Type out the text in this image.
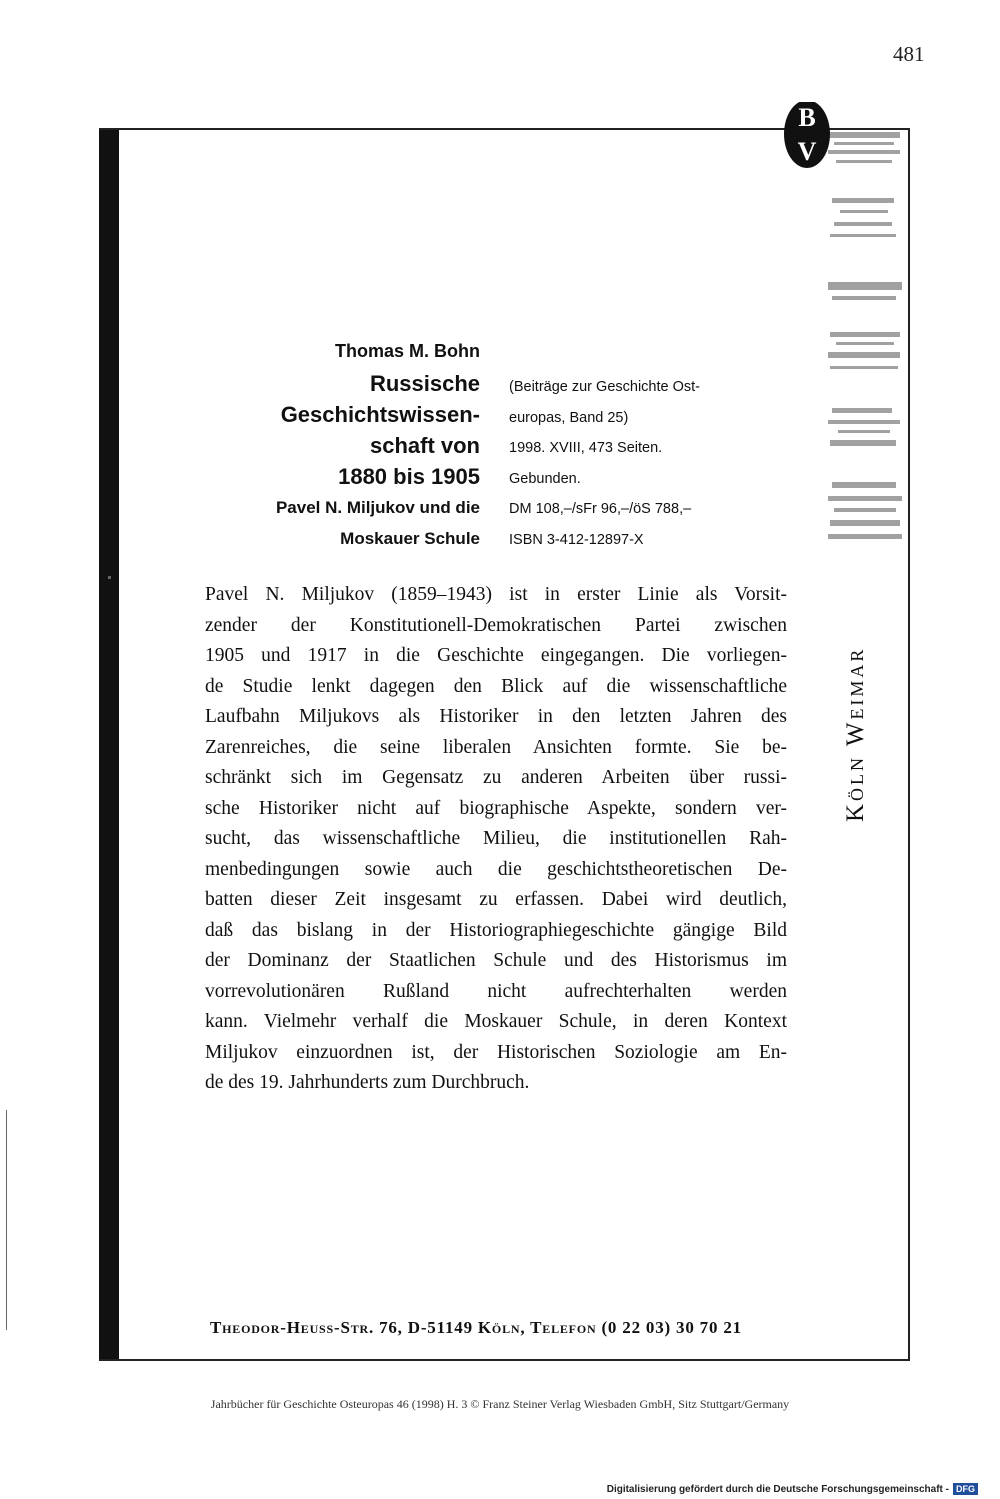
481
B
V
Köln Weimar
Thomas M. Bohn
Russische
Geschichtswissen-
schaft von
1880 bis 1905
Pavel N. Miljukov und die
Moskauer Schule
(Beiträge zur Geschichte Ost-
europas, Band 25)
1998. XVIII, 473 Seiten.
Gebunden.
DM 108,–/sFr 96,–/öS 788,–
ISBN 3-412-12897-X
Pavel N. Miljukov (1859–1943) ist in erster Linie als Vorsit-
zender der Konstitutionell-Demokratischen Partei zwischen
1905 und 1917 in die Geschichte eingegangen. Die vorliegen-
de Studie lenkt dagegen den Blick auf die wissenschaftliche
Laufbahn Miljukovs als Historiker in den letzten Jahren des
Zarenreiches, die seine liberalen Ansichten formte. Sie be-
schränkt sich im Gegensatz zu anderen Arbeiten über russi-
sche Historiker nicht auf biographische Aspekte, sondern ver-
sucht, das wissenschaftliche Milieu, die institutionellen Rah-
menbedingungen sowie auch die geschichtstheoretischen De-
batten dieser Zeit insgesamt zu erfassen. Dabei wird deutlich,
daß das bislang in der Historiographiegeschichte gängige Bild
der Dominanz der Staatlichen Schule und des Historismus im
vorrevolutionären Rußland nicht aufrechterhalten werden
kann. Vielmehr verhalf die Moskauer Schule, in deren Kontext
Miljukov einzuordnen ist, der Historischen Soziologie am En-
de des 19. Jahrhunderts zum Durchbruch.
Theodor-Heuss-Str. 76, D-51149 Köln, Telefon (0 22 03) 30 70 21
Jahrbücher für Geschichte Osteuropas 46 (1998) H. 3 © Franz Steiner Verlag Wiesbaden GmbH, Sitz Stuttgart/Germany
Digitalisierung gefördert durch die Deutsche Forschungsgemeinschaft - DFG
